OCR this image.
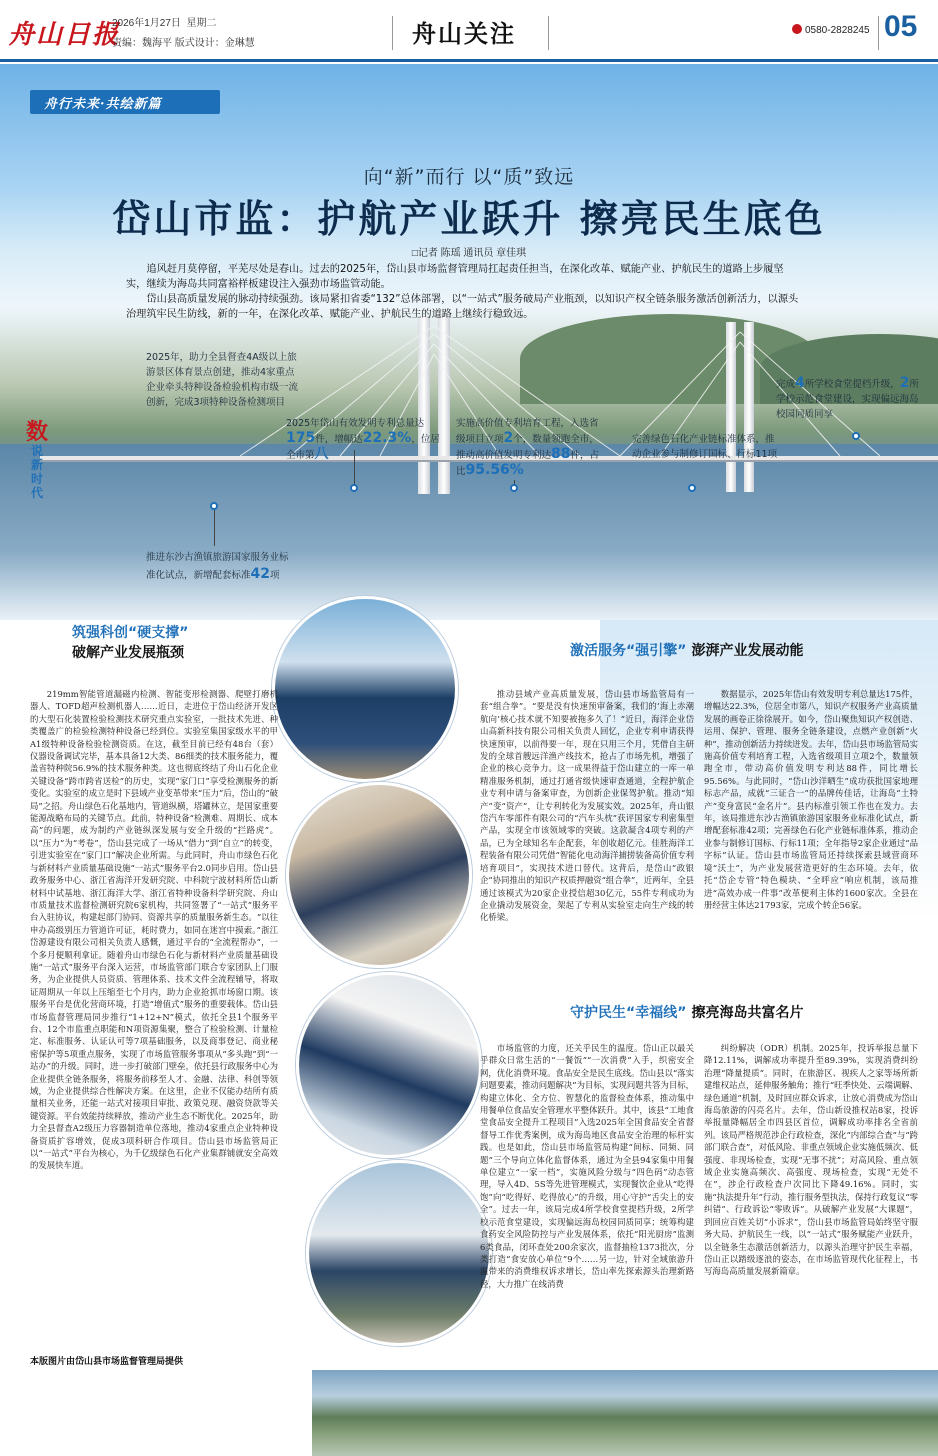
舟山日报
2026年1月27日 星期二
责编：魏海平 版式设计：金琳慧	舟山关注	0580-2828245 05
舟行未来·共绘新篇
向“新”而行 以“质”致远
岱山市监：护航产业跃升 擦亮民生底色
□记者 陈瑶 通讯员 章佳琪

追风赶月莫停留，平芜尽处是春山。过去的2025年，岱山县市场监督管理局扛起责任担当，在深化改革、赋能产业、护航民生的道路上步履坚实，继续为海岛共同富裕样板建设注入强劲市场监管动能。

岱山县高质量发展的脉动持续强劲。该局紧扣省委“132”总体部署，以“一站式”服务破局产业瓶颈，以知识产权全链条服务激活创新活力，以源头治理筑牢民生防线，新的一年，在深化改革、赋能产业、护航民生的道路上继续行稳致远。

数
说新时代
2025年，助力全县督查4A级以上旅游景区体育景点创建，推动4家重点企业牵头特种设备检验机构市级一流创新，完成3项特种设备检测项目
2025年岱山有效发明专利总量达175件，增幅达22.3%，位居全市第八
实施高价值专利培育工程，入选省级项目立项2个，数量领跑全市，推动高价值发明专利达88件，占比95.56%
完善绿色石化产业链标准体系，推动企业参与制修订国标、行标11项
完成4所学校食堂提档升级，2所学校示范食堂建设，实现偏远海岛校园同质同享
推进东沙古渔镇旅游国家服务业标准化试点，新增配套标准42项
筑强科创“硬支撑”
破解产业发展瓶颈	激活服务“强引擎” 澎湃产业发展动能
守护民生“幸福线” 擦亮海岛共富名片

219mm智能管道漏磁内检测、智能变形检测器、爬壁打磨机器人、TOFD超声检测机器人……近日，走进位于岱山经济开发区的大型石化装置检验检测技术研究重点实验室，一批技术先进、种类覆盖广的检验检测特种设备已经到位。实验室集国家级水平的甲A1级特种设备检验检测资质。在这，截至目前已经有48台（套）仪器设备调试完毕，基本具备12大类、86细类的技术服务能力，覆盖省特种院56.9%的技术服务种类。这也彻底终结了舟山石化企业关键设备“跨市跨省送检”的历史，实现“家门口”享受检测服务的新变化。实验室的成立是时下县域产业变革带来“压力”后，岱山的“破局”之招。舟山绿色石化基地内，管道纵横，塔罐林立，是国家重要能源战略布局的关键节点。此前，特种设备“检测难、周期长、成本高”的问题，成为制约产业链纵深发展与安全升级的“拦路虎”。以“压力”为“考卷”，岱山县完成了一场从“借力”到“自立”的转变，引进实验室在“家门口”解决企业所需。与此同时，舟山市绿色石化与新材料产业质量基础设施“一站式”服务平台2.0同步启用。岱山县政务服务中心、浙江省海洋开发研究院、中科院宁波材料所岱山新材料中试基地、浙江海洋大学、浙江省特种设备科学研究院、舟山市质量技术监督检测研究院6家机构，共同签署了“一站式”服务平台入驻协议，构建起部门协同、资源共享的质量服务新生态。“以往申办高级别压力管道许可证，耗时费力，如同在迷宫中摸索。”浙江岱源建设有限公司相关负责人感慨，通过平台的“全流程帮办”，一个多月便顺利拿证。随着舟山市绿色石化与新材料产业质量基础设施“一站式”服务平台深入运营，市场监管部门联合专家团队上门服务，为企业提供人员资质、管理体系、技术文件全流程辅导，将取证周期从一年以上压缩至七个月内，助力企业抢抓市场窗口期。该服务平台是优化营商环境，打造“增值式”服务的重要载体。岱山县市场监督管理局同步推行“1+12+N”模式，依托全县1个服务平台、12个市监重点职能和N项资源集聚，整合了检验检测、计量检定、标准服务、认证认可等7项基础服务，以及商事登记、商业秘密保护等5项重点服务，实现了市场监管服务事项从“多头跑”到“一站办”的升级。同时，进一步打破部门壁垒，依托县行政服务中心为企业提供全链条服务，将服务前移至人才、金融、法律、科创等领域，为企业提供综合性解决方案。在这里，企业不仅能办结所有质量相关业务，还能一站式对接项目审批、政策兑现、融资贷款等关键资源。平台效能持续释放，推动产业生态不断优化。2025年，助力全县督查A2级压力容器制造单位落地，推动4家重点企业特种设备资质扩容增效，促成3项科研合作项目。岱山县市场监管局正以“一站式”平台为核心，为千亿级绿色石化产业集群铺就安全高效的发展快车道。

推动县域产业高质量发展，岱山县市场监管局有一套“组合拳”。“要是没有快速预审备案，我们的‘海上赤潮航向’核心技术就不知要被拖多久了！”近日，海洋企业岱山高新科技有限公司相关负责人回忆，企业专利申请获得快速预审，以前得要一年，现在只用三个月，凭借自主研发的全球首艘远洋渔产线技术，抢占了市场先机，增强了企业的核心竞争力。这一成果得益于岱山建立的一库一单精准服务机制，通过打通省级快速审查通道，全程护航企业专利申请与备案审查，为创新企业保驾护航。推动“知产”变“资产”，让专利转化为发展实效。2025年，舟山银岱汽车零部件有限公司的“汽车头枕”获评国家专利密集型产品，实现全市该领域零的突破。这款凝含4项专利的产品，已为全球知名车企配套，年创收超亿元。佳胜海洋工程装备有限公司凭借“智能化电动海洋捕捞装备高价值专利培育项目”，实现技术进口替代。这背后，是岱山“政银企”协同推出的知识产权质押融资“组合拳”，近两年，全县通过该模式为20家企业授信超30亿元，55件专利成功为企业撬动发展资金，架起了专利从实验室走向生产线的转化桥梁。

数据显示，2025年岱山有效发明专利总量达175件，增幅达22.3%，位居全市第八，知识产权服务产业高质量发展的画卷正徐徐展开。如今，岱山聚焦知识产权创造、运用、保护、管理、服务全链条建设，点燃产业创新“火种”，推动创新活力持续迸发。去年，岱山县市场监管局实施高价值专利培育工程，入选省级项目立项2个，数量领跑全市，带动高价值发明专利达88件，同比增长95.56%。与此同时，“岱山沙洋晒生”成功获批国家地理标志产品，成就“三证合一”的品牌传佳话，让海岛“土特产”变身富民“金名片”。县内标准引领工作也在发力。去年，该局推进东沙古渔镇旅游国家服务业标准化试点，新增配套标准42项；完善绿色石化产业链标准体系，推动企业参与制修订国标、行标11项；全年指导2家企业通过“品字标”认证。岱山县市场监管局还持续探索县域营商环境“沃土”，为产业发展营造更好的生态环境。去年，依托“岱企专管”特色模块、“全呼应”响应机制，该局推进“高效办成一件事”改革便利主体约1600家次。全县在册经营主体达21793家，完成个转企56家。

市场监管的力度，还关乎民生的温度。岱山正以最关乎群众日常生活的“一餐饭”“一次消费”入手，织密安全网，优化消费环境。食品安全是民生底线。岱山县以“落实问题要素，推动问题解决”为目标，实现问题共答为目标，构建立体化、全方位、智慧化的监督检查体系，推动集中用餐单位食品安全管理水平整体跃升。其中，该县“工地食堂食品安全提升工程项目”入选2025年全国食品安全省督督导工作优秀案例，成为海岛地区食品安全治理的标杆实践。也是如此，岱山县市场监管局构建“间标、同频、同题”三个导向立体化监督体系，通过为全县94家集中用餐单位建立“一家一档”，实施风险分级与“四色码”动态管理，导入4D、5S等先进管理模式，实现餐饮企业从“吃得饱”向“吃得好、吃得放心”的升级，用心守护“舌尖上的安全”。过去一年，该局完成4所学校食堂提档升级，2所学校示范食堂建设，实现偏远海岛校园同质同享；统筹构建食药安全风险防控与产业发展体系，依托“阳光厨房”监测6类食品，闭环查处200余家次，监督抽检1373批次，分类打造“食安放心单位”9个……另一边，针对全域旅游升温带来的消费维权诉求增长，岱山率先探索源头治理新路径，大力推广在线消费

纠纷解决（ODR）机制。2025年，投诉举报总量下降12.11%，调解成功率提升至89.39%，实现消费纠纷治理“降量提质”。同时，在旅游区、视疾人之家等场所新建维权站点，延伸服务触角；推行“旺季快处、云端调解、绿色通道”机制，及时回应群众诉求，让放心消费成为岱山海岛旅游的闪亮名片。去年，岱山新设推权站8家，投诉举报量降幅居全市四县区首位，调解成功率排名全省前列。该局严格规范涉企行政检查，深化“内部综合查”与“跨部门联合查”，对低风险、非重点领域企业实施低频次、低强度、非现场检查，实现“无事不扰”；对高风险、重点领域企业实施高频次、高强度、现场检查，实现“无处不在”，涉企行政检查户次同比下降49.16%。同时，实施“执法提升年”行动，推行服务型执法，保持行政复议“零纠错”、行政诉讼“零败诉”。从破解产业发展“大课题”，到回应百姓关切“小诉求”，岱山县市场监管局始终坚守服务大局、护航民生一线，以“一站式”服务赋能产业跃升，以全链条生态激活创新活力，以源头治理守护民生幸福，岱山正以踏级逐浪的姿态，在市场监管现代化征程上，书写海岛高质量发展新篇章。

本版图片由岱山县市场监督管理局提供
